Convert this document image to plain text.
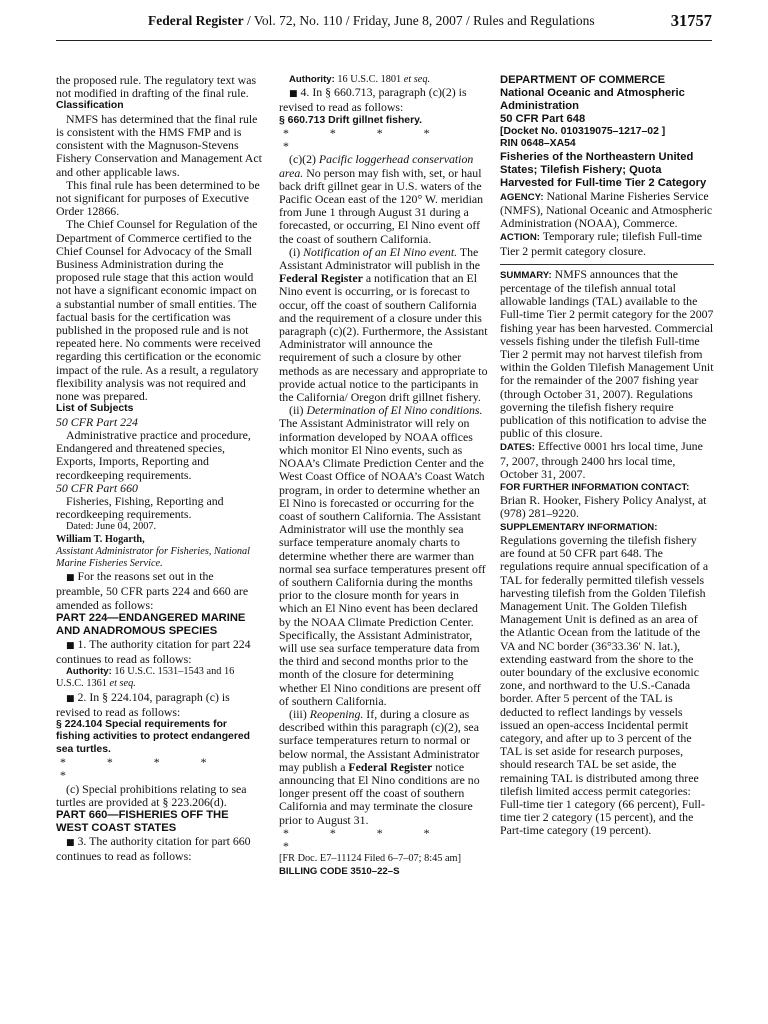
Federal Register / Vol. 72, No. 110 / Friday, June 8, 2007 / Rules and Regulations	31757

the proposed rule. The regulatory text was not modified in drafting of the final rule.

Classification

NMFS has determined that the final rule is consistent with the HMS FMP and is consistent with the Magnuson-Stevens Fishery Conservation and Management Act and other applicable laws.

This final rule has been determined to be not significant for purposes of Executive Order 12866.

The Chief Counsel for Regulation of the Department of Commerce certified to the Chief Counsel for Advocacy of the Small Business Administration during the proposed rule stage that this action would not have a significant economic impact on a substantial number of small entities. The factual basis for the certification was published in the proposed rule and is not repeated here. No comments were received regarding this certification or the economic impact of the rule. As a result, a regulatory flexibility analysis was not required and none was prepared.

List of Subjects

50 CFR Part 224

Administrative practice and procedure, Endangered and threatened species, Exports, Imports, Reporting and recordkeeping requirements.

50 CFR Part 660

Fisheries, Fishing, Reporting and recordkeeping requirements.

Dated: June 04, 2007.

William T. Hogarth,

Assistant Administrator for Fisheries, National Marine Fisheries Service.

■ For the reasons set out in the preamble, 50 CFR parts 224 and 660 are amended as follows:

PART 224—ENDANGERED MARINE AND ANADROMOUS SPECIES

■ 1. The authority citation for part 224 continues to read as follows:

Authority: 16 U.S.C. 1531–1543 and 16 U.S.C. 1361 et seq.

■ 2. In § 224.104, paragraph (c) is revised to read as follows:

§ 224.104 Special requirements for fishing activities to protect endangered sea turtles.

* * * * *

(c) Special prohibitions relating to sea turtles are provided at § 223.206(d).

PART 660—FISHERIES OFF THE WEST COAST STATES

■ 3. The authority citation for part 660 continues to read as follows:

Authority: 16 U.S.C. 1801 et seq.

■ 4. In § 660.713, paragraph (c)(2) is revised to read as follows:

§ 660.713 Drift gillnet fishery.

* * * * *

(c)(2) Pacific loggerhead conservation area. No person may fish with, set, or haul back drift gillnet gear in U.S. waters of the Pacific Ocean east of the 120° W. meridian from June 1 through August 31 during a forecasted, or occurring, El Nino event off the coast of southern California.

(i) Notification of an El Nino event. The Assistant Administrator will publish in the Federal Register a notification that an El Nino event is occurring, or is forecast to occur, off the coast of southern California and the requirement of a closure under this paragraph (c)(2). Furthermore, the Assistant Administrator will announce the requirement of such a closure by other methods as are necessary and appropriate to provide actual notice to the participants in the California/ Oregon drift gillnet fishery.

(ii) Determination of El Nino conditions. The Assistant Administrator will rely on information developed by NOAA offices which monitor El Nino events, such as NOAA’s Climate Prediction Center and the West Coast Office of NOAA’s Coast Watch program, in order to determine whether an El Nino is forecasted or occurring for the coast of southern California. The Assistant Administrator will use the monthly sea surface temperature anomaly charts to determine whether there are warmer than normal sea surface temperatures present off of southern California during the months prior to the closure month for years in which an El Nino event has been declared by the NOAA Climate Prediction Center. Specifically, the Assistant Administrator, will use sea surface temperature data from the third and second months prior to the month of the closure for determining whether El Nino conditions are present off of southern California.

(iii) Reopening. If, during a closure as described within this paragraph (c)(2), sea surface temperatures return to normal or below normal, the Assistant Administrator may publish a Federal Register notice announcing that El Nino conditions are no longer present off the coast of southern California and may terminate the closure prior to August 31.

* * * * *

[FR Doc. E7–11124 Filed 6–7–07; 8:45 am]

BILLING CODE 3510–22–S

DEPARTMENT OF COMMERCE

National Oceanic and Atmospheric Administration

50 CFR Part 648

[Docket No. 010319075–1217–02 ]

RIN 0648–XA54

Fisheries of the Northeastern United States; Tilefish Fishery; Quota Harvested for Full-time Tier 2 Category

AGENCY: National Marine Fisheries Service (NMFS), National Oceanic and Atmospheric Administration (NOAA), Commerce.

ACTION: Temporary rule; tilefish Full-time Tier 2 permit category closure.

SUMMARY: NMFS announces that the percentage of the tilefish annual total allowable landings (TAL) available to the Full-time Tier 2 permit category for the 2007 fishing year has been harvested. Commercial vessels fishing under the tilefish Full-time Tier 2 permit may not harvest tilefish from within the Golden Tilefish Management Unit for the remainder of the 2007 fishing year (through October 31, 2007). Regulations governing the tilefish fishery require publication of this notification to advise the public of this closure.

DATES: Effective 0001 hrs local time, June 7, 2007, through 2400 hrs local time, October 31, 2007.

FOR FURTHER INFORMATION CONTACT:

Brian R. Hooker, Fishery Policy Analyst, at (978) 281–9220.

SUPPLEMENTARY INFORMATION:

Regulations governing the tilefish fishery are found at 50 CFR part 648. The regulations require annual specification of a TAL for federally permitted tilefish vessels harvesting tilefish from the Golden Tilefish Management Unit. The Golden Tilefish Management Unit is defined as an area of the Atlantic Ocean from the latitude of the VA and NC border (36°33.36′ N. lat.), extending eastward from the shore to the outer boundary of the exclusive economic zone, and northward to the U.S.-Canada border. After 5 percent of the TAL is deducted to reflect landings by vessels issued an open-access Incidental permit category, and after up to 3 percent of the TAL is set aside for research purposes, should research TAL be set aside, the remaining TAL is distributed among three tilefish limited access permit categories: Full-time tier 1 category (66 percent), Full-time tier 2 category (15 percent), and the Part-time category (19 percent).
